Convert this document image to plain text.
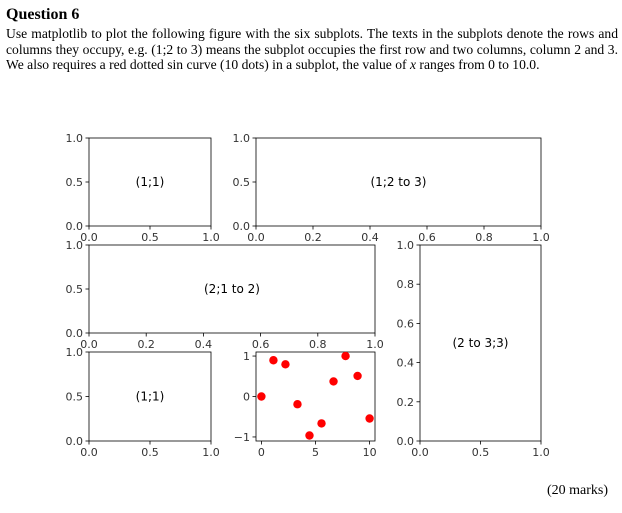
Question 6
Use matplotlib to plot the following figure with the six subplots. The texts in the subplots denote the rows and columns they occupy, e.g. (1;2 to 3) means the subplot occupies the first row and two columns, column 2 and 3. We also requires a red dotted sin curve (10 dots) in a subplot, the value of x ranges from 0 to 10.0.
0.0	0.5	1.0
0.0
0.5
1.0
(1;1)
0.0	0.2	0.4	0.6	0.8	1.0
0.0
0.5
1.0
(1;2 to 3)
0.0	0.2	0.4	0.6	0.8	1.0
0.0
0.5
1.0
(2;1 to 2)
0.0	0.5	1.0
0.0
0.2
0.4
0.6
0.8
1.0
(2 to 3;3)
0.0	0.5	1.0
0.0
0.5
1.0
(1;1)
0	5	10
−1
0
1
(20 marks)
